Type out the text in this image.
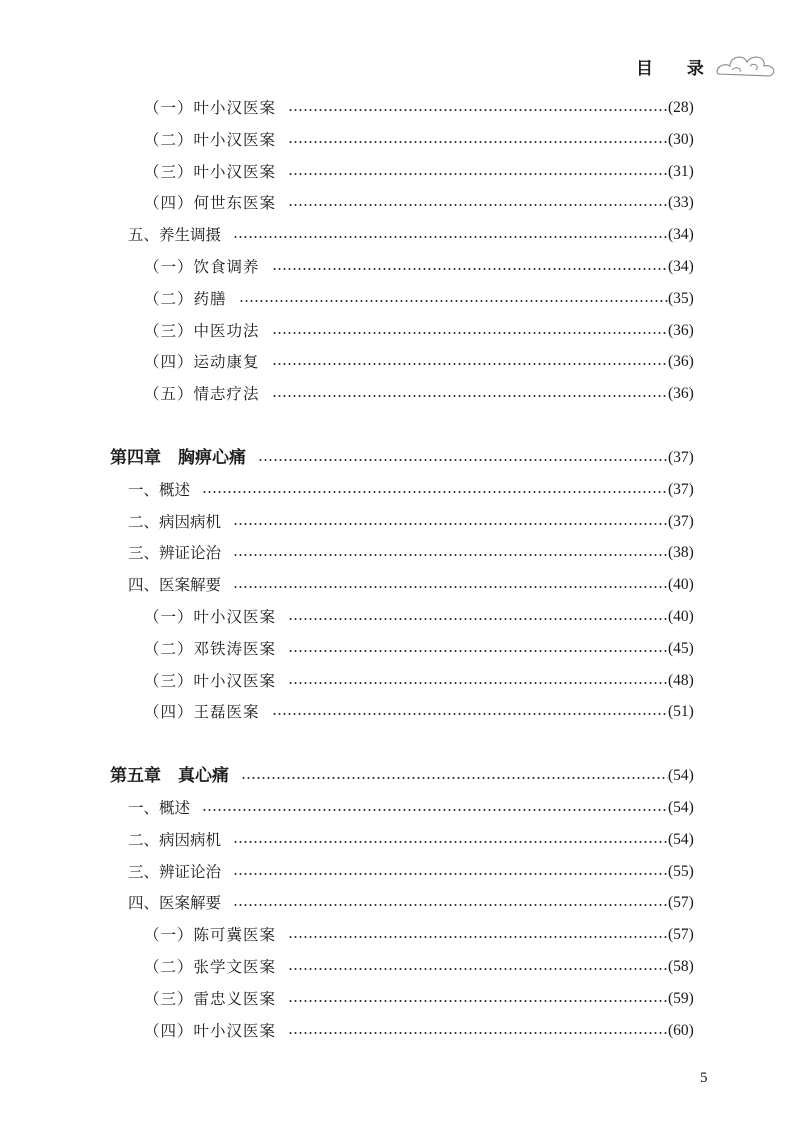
目 录
（一）叶小汉医案	(28)
（二）叶小汉医案	(30)
（三）叶小汉医案	(31)
（四）何世东医案	(33)
五、养生调摄	(34)
（一）饮食调养	(34)
（二）药膳	(35)
（三）中医功法	(36)
（四）运动康复	(36)
（五）情志疗法	(36)
第四章　胸痹心痛	(37)
一、概述	(37)
二、病因病机	(37)
三、辨证论治	(38)
四、医案解要	(40)
（一）叶小汉医案	(40)
（二）邓铁涛医案	(45)
（三）叶小汉医案	(48)
（四）王磊医案	(51)
第五章　真心痛	(54)
一、概述	(54)
二、病因病机	(54)
三、辨证论治	(55)
四、医案解要	(57)
（一）陈可冀医案	(57)
（二）张学文医案	(58)
（三）雷忠义医案	(59)
（四）叶小汉医案	(60)
5
